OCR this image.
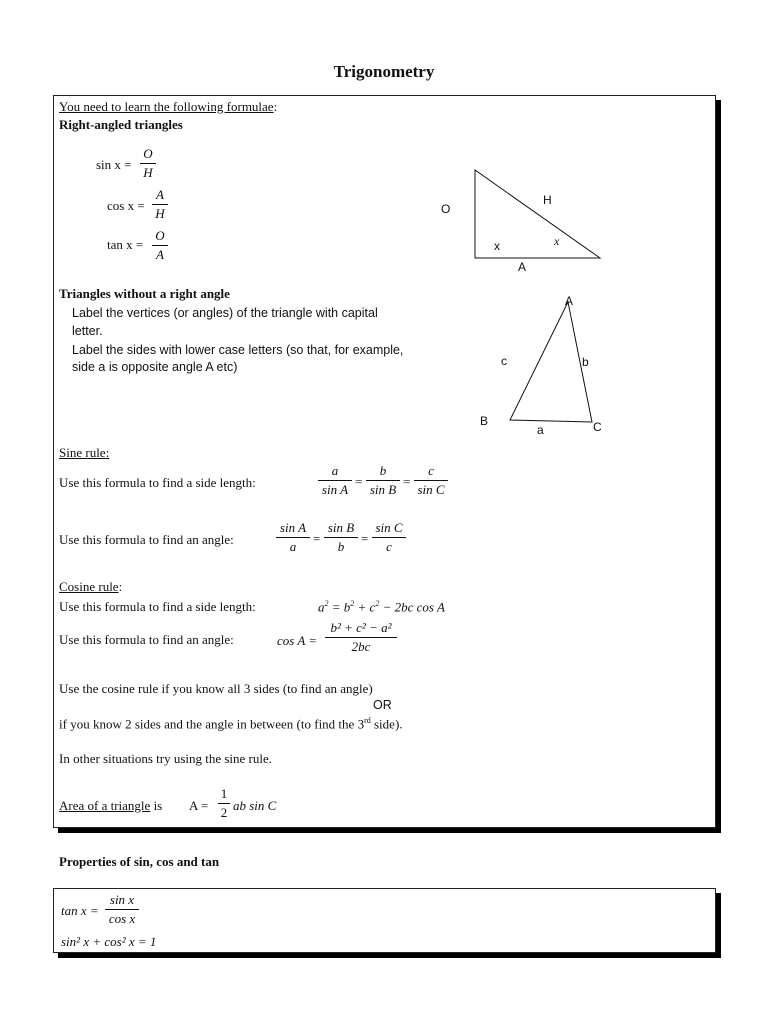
Trigonometry
You need to learn the following formulae:
Right-angled triangles
sin x =
O
H
cos x =
A
H
tan x =
O
A
O
H
A
x	x
Triangles without a right angle
Label the vertices (or angles) of the triangle with capital
letter.
Label the sides with lower case letters (so that, for example,
side a is opposite angle A etc)
A
B	C
a
b
c
Sine rule:
Use this formula to find a side length:
a
sin A
=
b
sin B
=
c
sin C
Use this formula to find an angle:
sin A
a
=
sin B
b
=
sin C
c
Cosine rule:
Use this formula to find a side length:	$a^2 = b^2 + c^2 - 2bc$ cos A
Use this formula to find an angle:	cos A =
b² + c² − a²
2bc
Use the cosine rule if you know all 3 sides (to find an angle)
OR
if you know 2 sides and the angle in between (to find the 3rd side).
In other situations try using the sine rule.
Area of a triangle is A =
1
2 ab sin C
Properties of sin, cos and tan
tan x =
sin x
cos x
sin² x + cos² x = 1
